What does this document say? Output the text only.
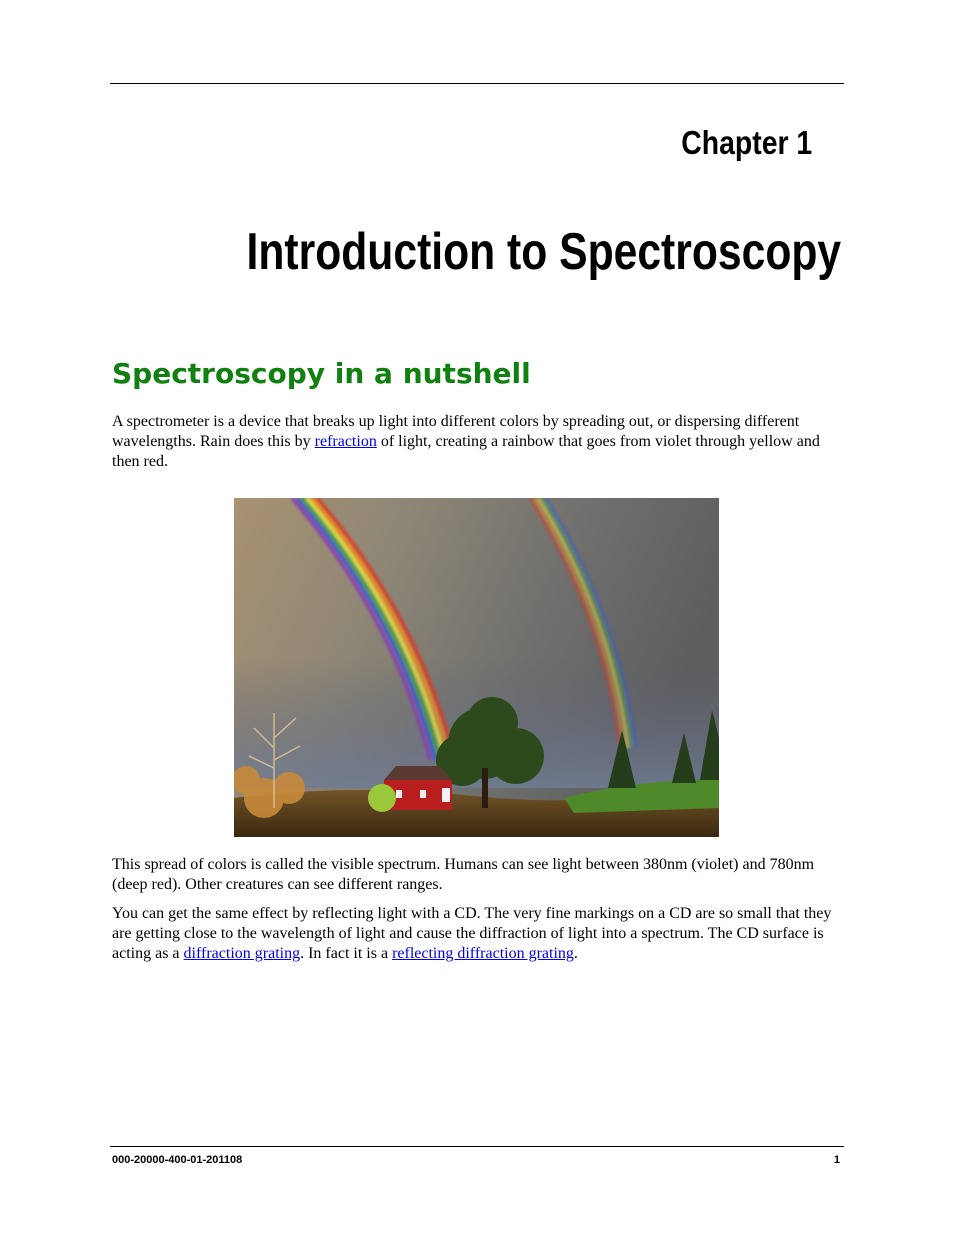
Chapter 1
Introduction to Spectroscopy
Spectroscopy in a nutshell

A spectrometer is a device that breaks up light into different colors by spreading out, or dispersing different wavelengths. Rain does this by refraction of light, creating a rainbow that goes from violet through yellow and then red.

This spread of colors is called the visible spectrum. Humans can see light between 380nm (violet) and 780nm (deep red). Other creatures can see different ranges.

You can get the same effect by reflecting light with a CD. The very fine markings on a CD are so small that they are getting close to the wavelength of light and cause the diffraction of light into a spectrum. The CD surface is acting as a diffraction grating. In fact it is a reflecting diffraction grating.

000-20000-400-01-201108	1
